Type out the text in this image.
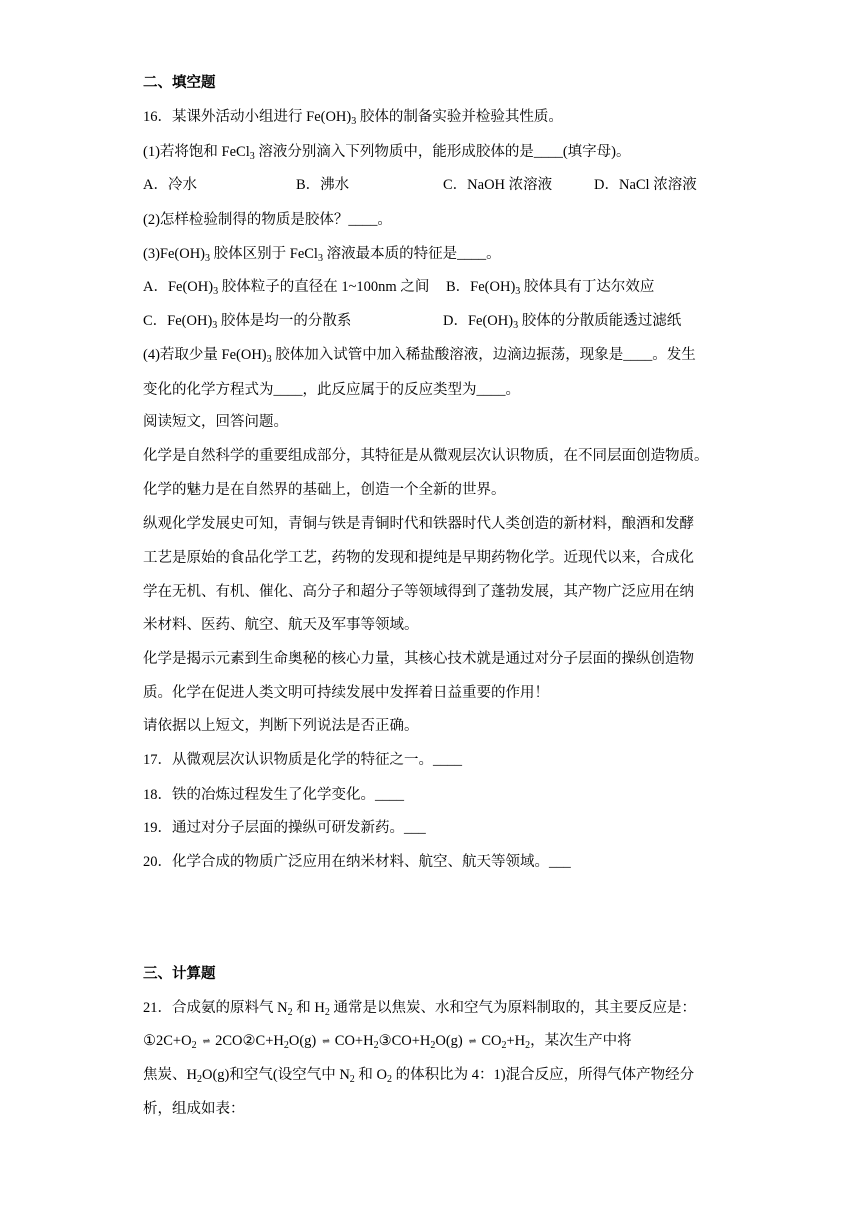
二、填空题
16．某课外活动小组进行 $Fe(OH)_3$ 胶体的制备实验并检验其性质。
(1)若将饱和 FeCl$_3$ 溶液分别滴入下列物质中，能形成胶体的是____(填字母)。
A．冷水	B．沸水	C．NaOH 浓溶液	D．NaCl 浓溶液
(2)怎样检验制得的物质是胶体？____。
$(3)Fe(OH)_3$ 胶体区别于 FeCl$_3$ 溶液最本质的特征是____。
A．$Fe(OH)_3$ 胶体粒子的直径在 1~100nm 之间 B．$Fe(OH)_3$ 胶体具有丁达尔效应
C．$Fe(OH)_3$ 胶体是均一的分散系	D．$Fe(OH)_3$ 胶体的分散质能透过滤纸
(4)若取少量 $Fe(OH)_3$ 胶体加入试管中加入稀盐酸溶液，边滴边振荡，现象是____。发生
变化的化学方程式为____，此反应属于的反应类型为____。
阅读短文，回答问题。
化学是自然科学的重要组成部分，其特征是从微观层次认识物质，在不同层面创造物质。
化学的魅力是在自然界的基础上，创造一个全新的世界。
纵观化学发展史可知，青铜与铁是青铜时代和铁器时代人类创造的新材料，酿酒和发酵
工艺是原始的食品化学工艺，药物的发现和提纯是早期药物化学。近现代以来，合成化
学在无机、有机、催化、高分子和超分子等领域得到了蓬勃发展，其产物广泛应用在纳
米材料、医药、航空、航天及军事等领域。
化学是揭示元素到生命奥秘的核心力量，其核心技术就是通过对分子层面的操纵创造物
质。化学在促进人类文明可持续发展中发挥着日益重要的作用！
请依据以上短文，判断下列说法是否正确。
17．从微观层次认识物质是化学的特征之一。____
18．铁的冶炼过程发生了化学变化。____
19．通过对分子层面的操纵可研发新药。___
20．化学合成的物质广泛应用在纳米材料、航空、航天等领域。___
三、计算题
21．合成氨的原料气 $N_2$ 和 $H_2$ 通常是以焦炭、水和空气为原料制取的，其主要反应是：
$①2C+O_2$ ⇌ $2CO②C+H_2O(g)$ ⇌ $CO+H_2③CO+H_2O(g)$ ⇌ $CO_2+H_2$，某次生产中将
焦炭、$H_2O(g)$和空气(设空气中 $N_2$ 和 $O_2$ 的体积比为 4：1)混合反应，所得气体产物经分
析，组成如表：
